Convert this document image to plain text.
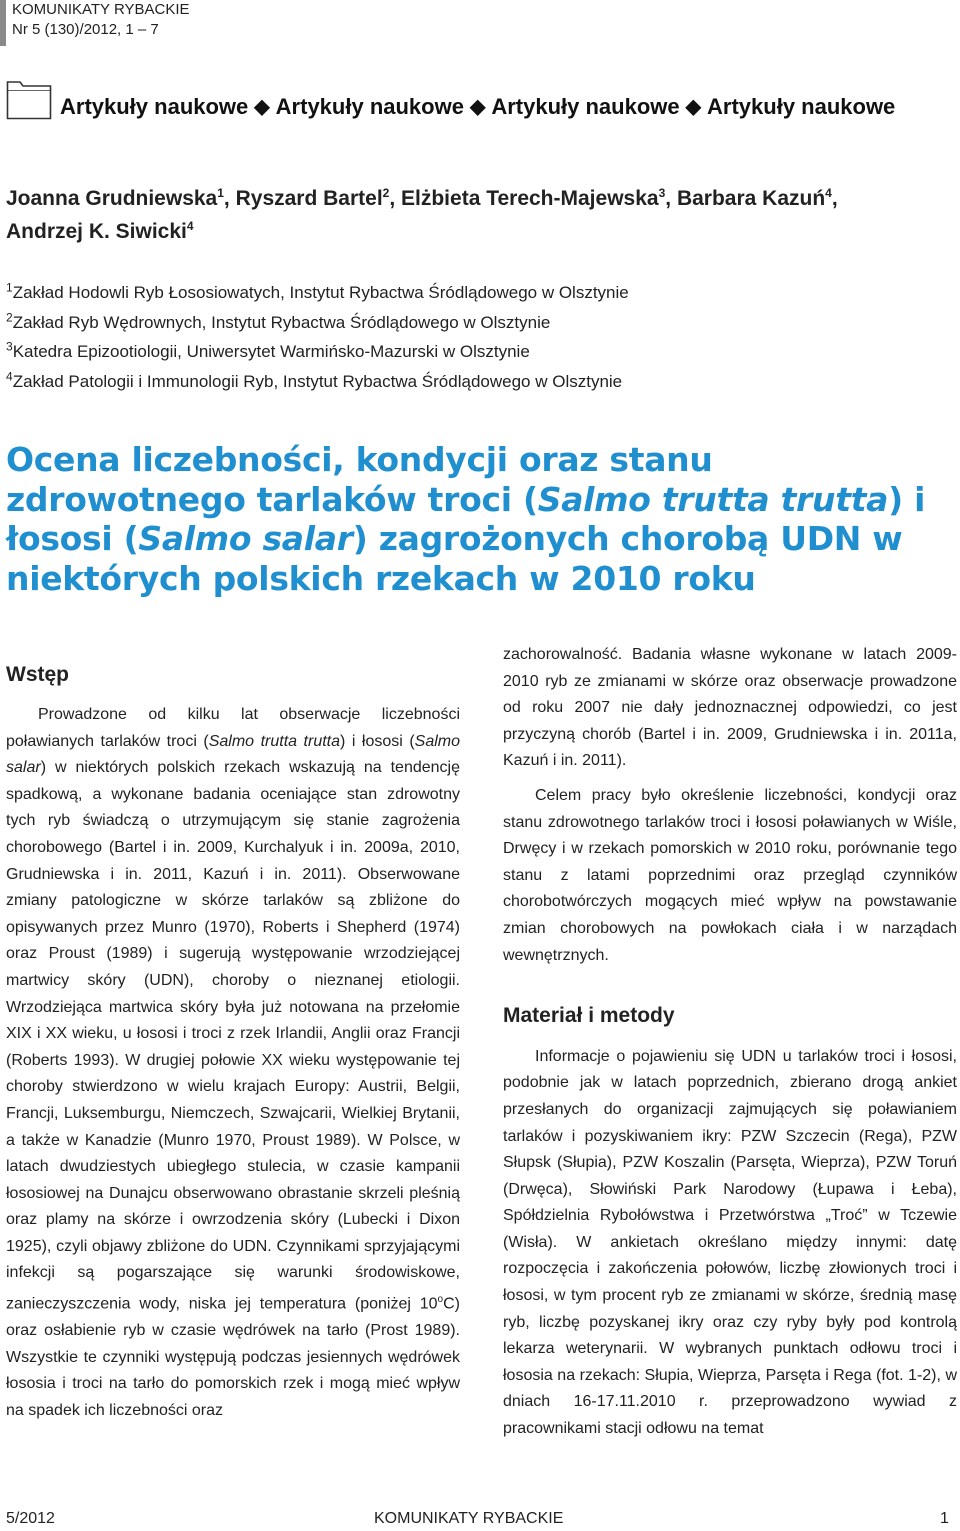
KOMUNIKATY RYBACKIE
Nr 5 (130)/2012, 1 – 7
Artykuły naukowe ◆ Artykuły naukowe ◆ Artykuły naukowe ◆ Artykuły naukowe
Joanna Grudniewska$^1$, Ryszard Bartel$^2$, Elżbieta Terech-Majewska$^3$, Barbara Kazuń$^4$,
Andrzej K. Siwicki$^4$
$^1$Zakład Hodowli Ryb Łososiowatych, Instytut Rybactwa Śródlądowego w Olsztynie
$^2$Zakład Ryb Wędrownych, Instytut Rybactwa Śródlądowego w Olsztynie
$^3$Katedra Epizootiologii, Uniwersytet Warmińsko-Mazurski w Olsztynie
$^4$Zakład Patologii i Immunologii Ryb, Instytut Rybactwa Śródlądowego w Olsztynie
Ocena liczebności, kondycji oraz stanu zdrowotnego tarlaków troci (Salmo trutta trutta) i łososi (Salmo salar) zagrożonych chorobą UDN w niektórych polskich rzekach w 2010 roku
Wstęp

Prowadzone od kilku lat obserwacje liczebności poławianych tarlaków troci (Salmo trutta trutta) i łososi (Salmo salar) w niektórych polskich rzekach wskazują na tendencję spadkową, a wykonane badania oceniające stan zdrowotny tych ryb świadczą o utrzymującym się stanie zagrożenia chorobowego (Bartel i in. 2009, Kurchalyuk i in. 2009a, 2010, Grudniewska i in. 2011, Kazuń i in. 2011). Obserwowane zmiany patologiczne w skórze tarlaków są zbliżone do opisywanych przez Munro (1970), Roberts i Shepherd (1974) oraz Proust (1989) i sugerują występowanie wrzodziejącej martwicy skóry (UDN), choroby o nieznanej etiologii. Wrzodziejąca martwica skóry była już notowana na przełomie XIX i XX wieku, u łososi i troci z rzek Irlandii, Anglii oraz Francji (Roberts 1993). W drugiej połowie XX wieku występowanie tej choroby stwierdzono w wielu krajach Europy: Austrii, Belgii, Francji, Luksemburgu, Niemczech, Szwajcarii, Wielkiej Brytanii, a także w Kanadzie (Munro 1970, Proust 1989). W Polsce, w latach dwudziestych ubiegłego stulecia, w czasie kampanii łososiowej na Dunajcu obserwowano obrastanie skrzeli pleśnią oraz plamy na skórze i owrzodzenia skóry (Lubecki i Dixon 1925), czyli objawy zbliżone do UDN. Czynnikami sprzyjającymi infekcji są pogarszające się warunki środowiskowe, zanieczyszczenia wody, niska jej temperatura (poniżej 10$^o$C) oraz osłabienie ryb w czasie wędrówek na tarło (Prost 1989). Wszystkie te czynniki występują podczas jesiennych wędrówek łososia i troci na tarło do pomorskich rzek i mogą mieć wpływ na spadek ich liczebności oraz

zachorowalność. Badania własne wykonane w latach 2009-2010 ryb ze zmianami w skórze oraz obserwacje prowadzone od roku 2007 nie dały jednoznacznej odpowiedzi, co jest przyczyną chorób (Bartel i in. 2009, Grudniewska i in. 2011a, Kazuń i in. 2011).

Celem pracy było określenie liczebności, kondycji oraz stanu zdrowotnego tarlaków troci i łososi poławianych w Wiśle, Drwęcy i w rzekach pomorskich w 2010 roku, porównanie tego stanu z latami poprzednimi oraz przegląd czynników chorobotwórczych mogących mieć wpływ na powstawanie zmian chorobowych na powłokach ciała i w narządach wewnętrznych.

Materiał i metody

Informacje o pojawieniu się UDN u tarlaków troci i łososi, podobnie jak w latach poprzednich, zbierano drogą ankiet przesłanych do organizacji zajmujących się poławianiem tarlaków i pozyskiwaniem ikry: PZW Szczecin (Rega), PZW Słupsk (Słupia), PZW Koszalin (Parsęta, Wieprza), PZW Toruń (Drwęca), Słowiński Park Narodowy (Łupawa i Łeba), Spółdzielnia Rybołówstwa i Przetwórstwa „Troć” w Tczewie (Wisła). W ankietach określano między innymi: datę rozpoczęcia i zakończenia połowów, liczbę złowionych troci i łososi, w tym procent ryb ze zmianami w skórze, średnią masę ryb, liczbę pozyskanej ikry oraz czy ryby były pod kontrolą lekarza weterynarii. W wybranych punktach odłowu troci i łososia na rzekach: Słupia, Wieprza, Parsęta i Rega (fot. 1-2), w dniach 16-17.11.2010 r. przeprowadzono wywiad z pracownikami stacji odłowu na temat

5/2012	KOMUNIKATY RYBACKIE	1
